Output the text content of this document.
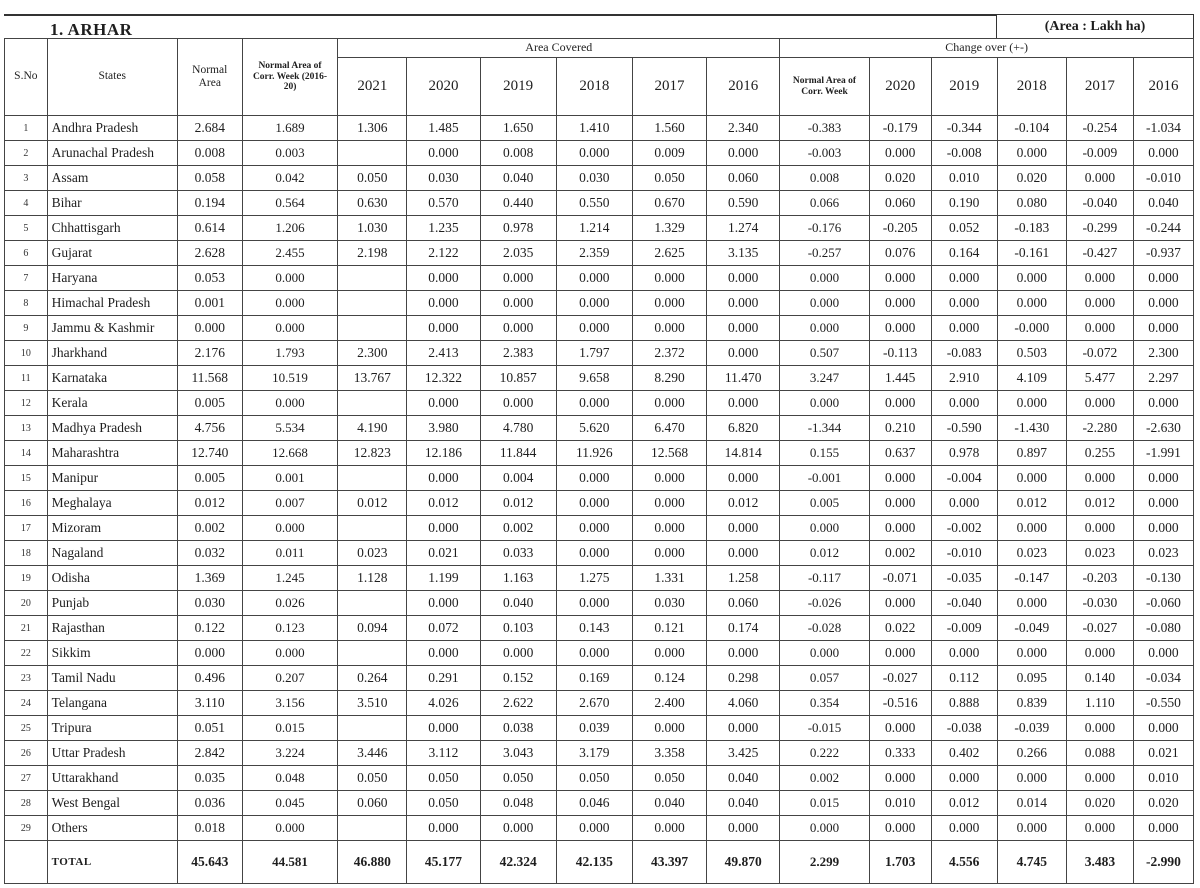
1. ARHAR	(Area : Lakh ha)
S.No	States	Normal Area	Normal Area of Corr. Week (2016-20)	Area Covered						Change over (+-)					
				2021	2020	2019	2018	2017	2016	Normal Area of Corr. Week	2020	2019	2018	2017	2016
1	Andhra Pradesh	2.684	1.689	1.306	1.485	1.650	1.410	1.560	2.340	-0.383	-0.179	-0.344	-0.104	-0.254	-1.034
2	Arunachal Pradesh	0.008	0.003		0.000	0.008	0.000	0.009	0.000	-0.003	0.000	-0.008	0.000	-0.009	0.000
3	Assam	0.058	0.042	0.050	0.030	0.040	0.030	0.050	0.060	0.008	0.020	0.010	0.020	0.000	-0.010
4	Bihar	0.194	0.564	0.630	0.570	0.440	0.550	0.670	0.590	0.066	0.060	0.190	0.080	-0.040	0.040
5	Chhattisgarh	0.614	1.206	1.030	1.235	0.978	1.214	1.329	1.274	-0.176	-0.205	0.052	-0.183	-0.299	-0.244
6	Gujarat	2.628	2.455	2.198	2.122	2.035	2.359	2.625	3.135	-0.257	0.076	0.164	-0.161	-0.427	-0.937
7	Haryana	0.053	0.000		0.000	0.000	0.000	0.000	0.000	0.000	0.000	0.000	0.000	0.000	0.000
8	Himachal Pradesh	0.001	0.000		0.000	0.000	0.000	0.000	0.000	0.000	0.000	0.000	0.000	0.000	0.000
9	Jammu & Kashmir	0.000	0.000		0.000	0.000	0.000	0.000	0.000	0.000	0.000	0.000	-0.000	0.000	0.000
10	Jharkhand	2.176	1.793	2.300	2.413	2.383	1.797	2.372	0.000	0.507	-0.113	-0.083	0.503	-0.072	2.300
11	Karnataka	11.568	10.519	13.767	12.322	10.857	9.658	8.290	11.470	3.247	1.445	2.910	4.109	5.477	2.297
12	Kerala	0.005	0.000		0.000	0.000	0.000	0.000	0.000	0.000	0.000	0.000	0.000	0.000	0.000
13	Madhya Pradesh	4.756	5.534	4.190	3.980	4.780	5.620	6.470	6.820	-1.344	0.210	-0.590	-1.430	-2.280	-2.630
14	Maharashtra	12.740	12.668	12.823	12.186	11.844	11.926	12.568	14.814	0.155	0.637	0.978	0.897	0.255	-1.991
15	Manipur	0.005	0.001		0.000	0.004	0.000	0.000	0.000	-0.001	0.000	-0.004	0.000	0.000	0.000
16	Meghalaya	0.012	0.007	0.012	0.012	0.012	0.000	0.000	0.012	0.005	0.000	0.000	0.012	0.012	0.000
17	Mizoram	0.002	0.000		0.000	0.002	0.000	0.000	0.000	0.000	0.000	-0.002	0.000	0.000	0.000
18	Nagaland	0.032	0.011	0.023	0.021	0.033	0.000	0.000	0.000	0.012	0.002	-0.010	0.023	0.023	0.023
19	Odisha	1.369	1.245	1.128	1.199	1.163	1.275	1.331	1.258	-0.117	-0.071	-0.035	-0.147	-0.203	-0.130
20	Punjab	0.030	0.026		0.000	0.040	0.000	0.030	0.060	-0.026	0.000	-0.040	0.000	-0.030	-0.060
21	Rajasthan	0.122	0.123	0.094	0.072	0.103	0.143	0.121	0.174	-0.028	0.022	-0.009	-0.049	-0.027	-0.080
22	Sikkim	0.000	0.000		0.000	0.000	0.000	0.000	0.000	0.000	0.000	0.000	0.000	0.000	0.000
23	Tamil Nadu	0.496	0.207	0.264	0.291	0.152	0.169	0.124	0.298	0.057	-0.027	0.112	0.095	0.140	-0.034
24	Telangana	3.110	3.156	3.510	4.026	2.622	2.670	2.400	4.060	0.354	-0.516	0.888	0.839	1.110	-0.550
25	Tripura	0.051	0.015		0.000	0.038	0.039	0.000	0.000	-0.015	0.000	-0.038	-0.039	0.000	0.000
26	Uttar Pradesh	2.842	3.224	3.446	3.112	3.043	3.179	3.358	3.425	0.222	0.333	0.402	0.266	0.088	0.021
27	Uttarakhand	0.035	0.048	0.050	0.050	0.050	0.050	0.050	0.040	0.002	0.000	0.000	0.000	0.000	0.010
28	West Bengal	0.036	0.045	0.060	0.050	0.048	0.046	0.040	0.040	0.015	0.010	0.012	0.014	0.020	0.020
29	Others	0.018	0.000		0.000	0.000	0.000	0.000	0.000	0.000	0.000	0.000	0.000	0.000	0.000
	TOTAL	45.643	44.581	46.880	45.177	42.324	42.135	43.397	49.870	2.299	1.703	4.556	4.745	3.483	-2.990
